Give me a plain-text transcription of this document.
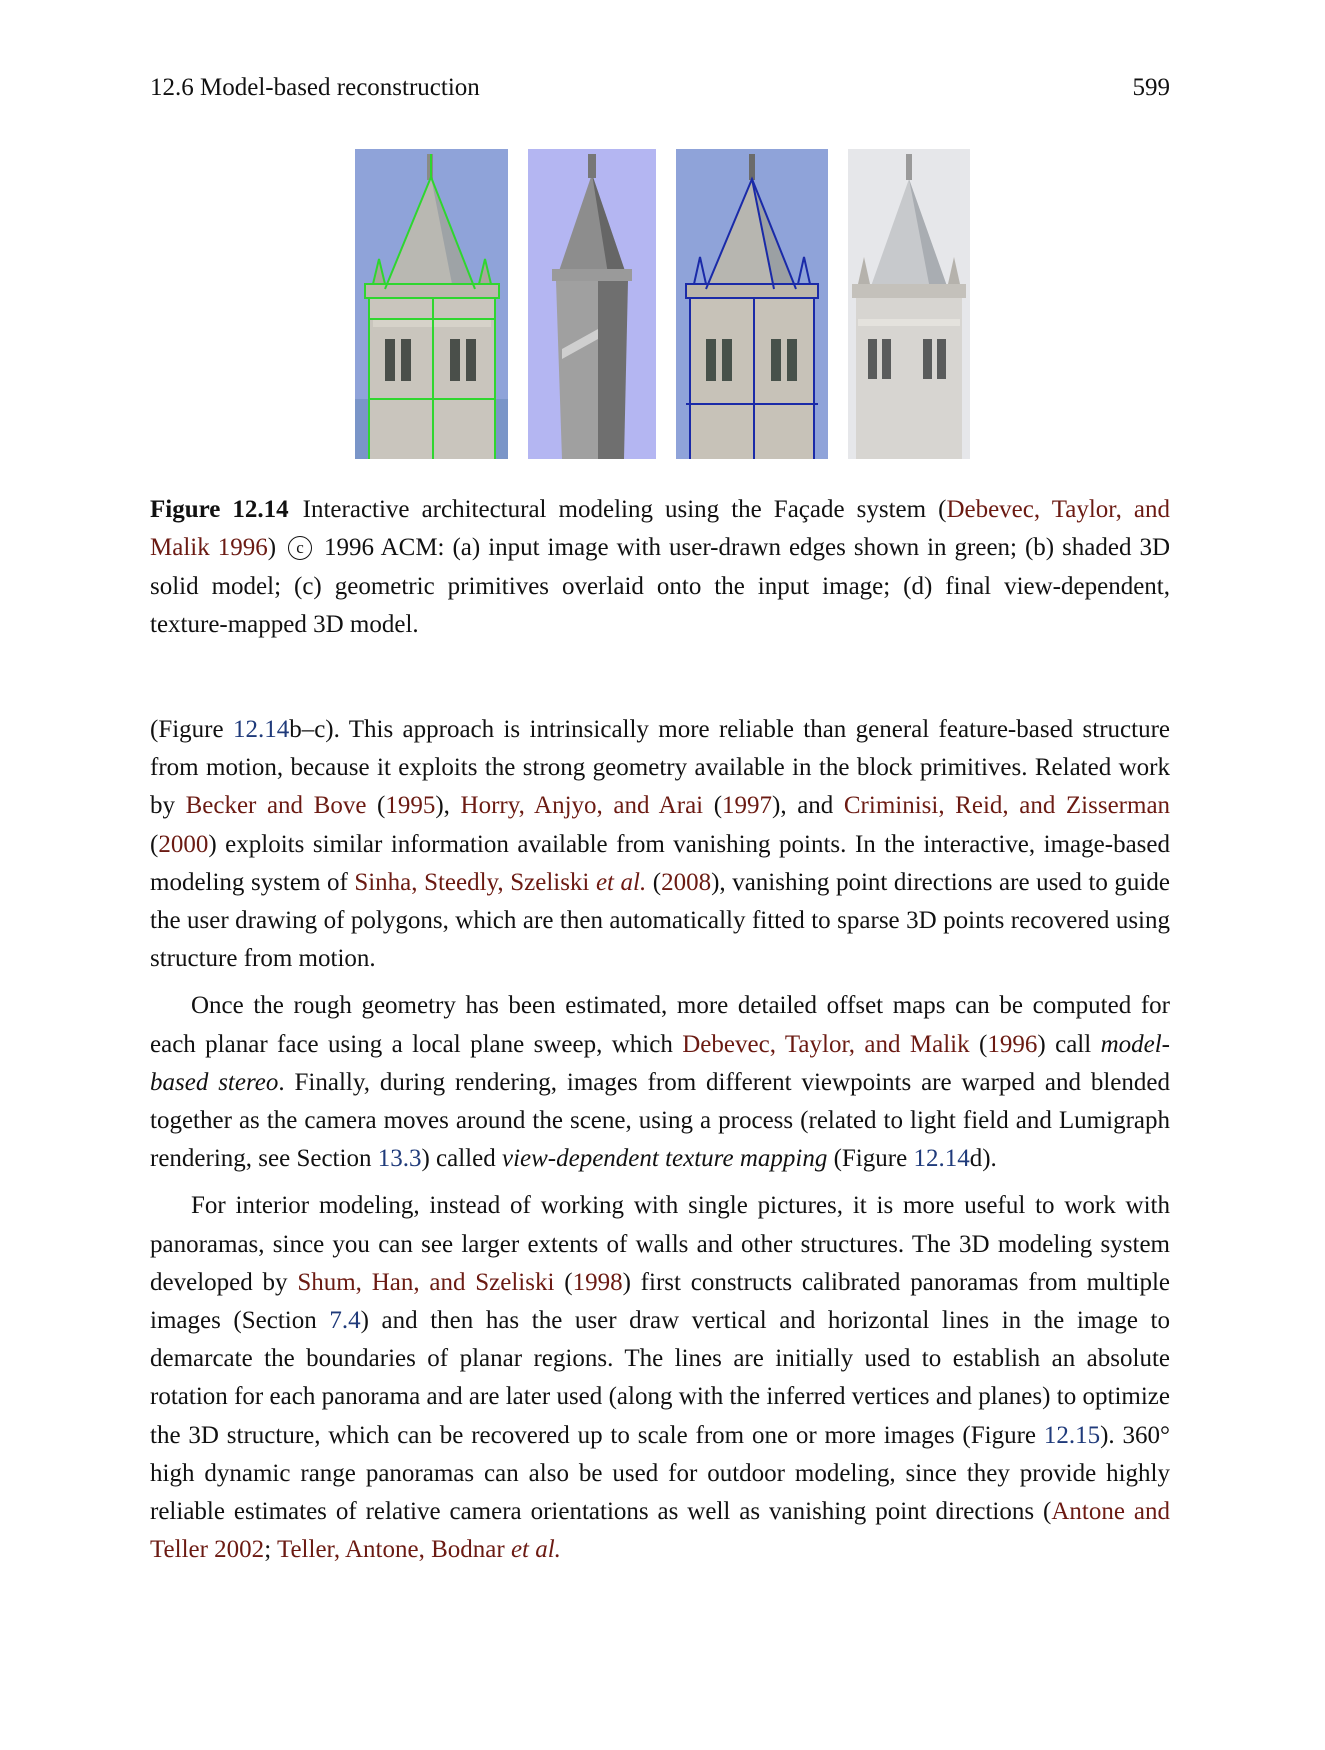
12.6 Model-based reconstruction	599
Figure 12.14 Interactive architectural modeling using the Façade system (Debevec, Taylor, and Malik 1996) c 1996 ACM: (a) input image with user-drawn edges shown in green; (b) shaded 3D solid model; (c) geometric primitives overlaid onto the input image; (d) final view-dependent, texture-mapped 3D model.

(Figure 12.14b–c). This approach is intrinsically more reliable than general feature-based structure from motion, because it exploits the strong geometry available in the block primitives. Related work by Becker and Bove (1995), Horry, Anjyo, and Arai (1997), and Criminisi, Reid, and Zisserman (2000) exploits similar information available from vanishing points. In the interactive, image-based modeling system of Sinha, Steedly, Szeliski et al. (2008), vanishing point directions are used to guide the user drawing of polygons, which are then automatically fitted to sparse 3D points recovered using structure from motion.

Once the rough geometry has been estimated, more detailed offset maps can be computed for each planar face using a local plane sweep, which Debevec, Taylor, and Malik (1996) call model-based stereo. Finally, during rendering, images from different viewpoints are warped and blended together as the camera moves around the scene, using a process (related to light field and Lumigraph rendering, see Section 13.3) called view-dependent texture mapping (Figure 12.14d).

For interior modeling, instead of working with single pictures, it is more useful to work with panoramas, since you can see larger extents of walls and other structures. The 3D modeling system developed by Shum, Han, and Szeliski (1998) first constructs calibrated panoramas from multiple images (Section 7.4) and then has the user draw vertical and horizontal lines in the image to demarcate the boundaries of planar regions. The lines are initially used to establish an absolute rotation for each panorama and are later used (along with the inferred vertices and planes) to optimize the 3D structure, which can be recovered up to scale from one or more images (Figure 12.15). 360° high dynamic range panoramas can also be used for outdoor modeling, since they provide highly reliable estimates of relative camera orientations as well as vanishing point directions (Antone and Teller 2002; Teller, Antone, Bodnar et al.
